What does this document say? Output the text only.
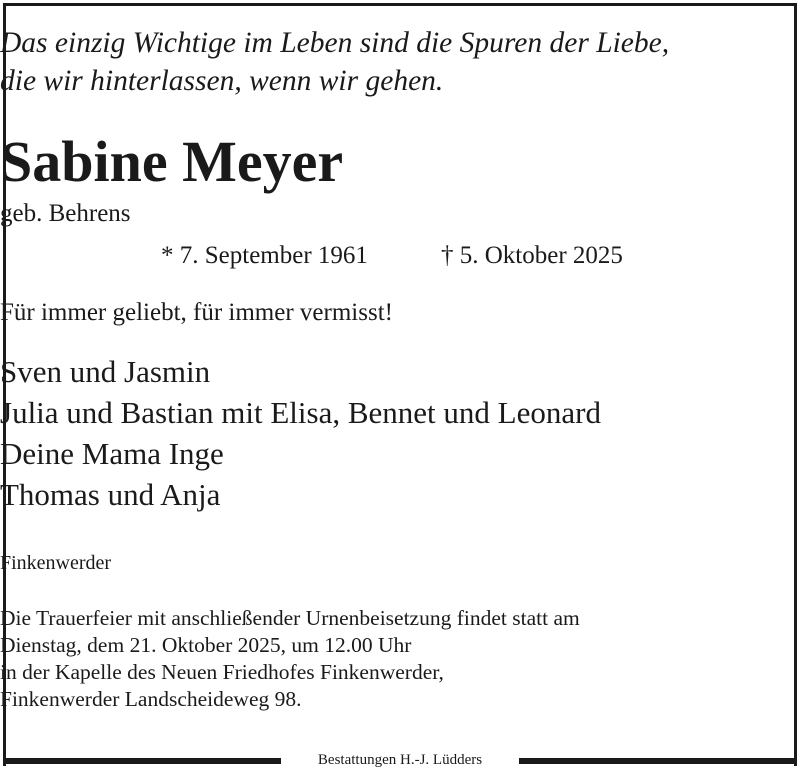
Das einzig Wichtige im Leben sind die Spuren der Liebe,
die wir hinterlassen, wenn wir gehen.
Sabine Meyer
geb. Behrens
* 7. September 1961	† 5. Oktober 2025
Für immer geliebt, für immer vermisst!
Sven und Jasmin
Julia und Bastian mit Elisa, Bennet und Leonard
Deine Mama Inge
Thomas und Anja
Finkenwerder
Die Trauerfeier mit anschließender Urnenbeisetzung findet statt am
Dienstag, dem 21. Oktober 2025, um 12.00 Uhr
in der Kapelle des Neuen Friedhofes Finkenwerder,
Finkenwerder Landscheideweg 98.
Bestattungen H.-J. Lüdders
